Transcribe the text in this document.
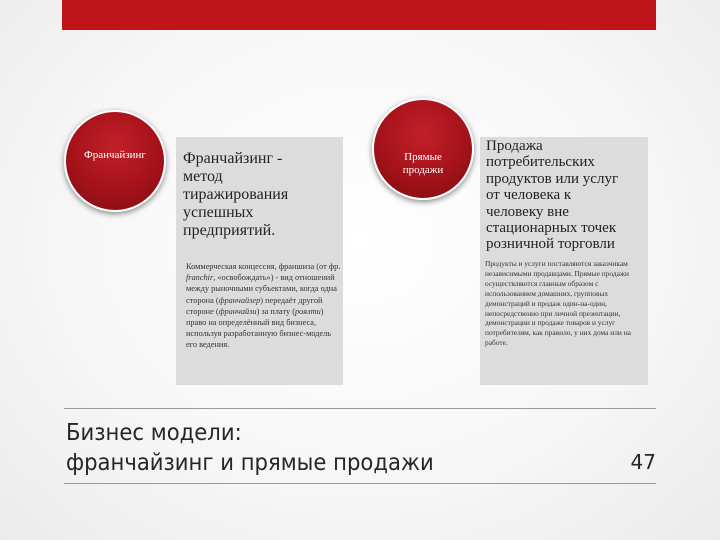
Франчайзинг	Прямые
продажи

Франчайзинг -
метод
тиражирования
успешных
предприятий.
Коммерческая концессия, франшиза (от фр. franchir, «освобождать») - вид отношений между рыночными субъектами, когда одна сторона (франчайзер) передаёт другой стороне (франчайзи) за плату (роялти) право на определённый вид бизнеса, используя разработанную бизнес-модель его ведения.
Продажа
потребительских
продуктов или услуг
от человека к
человеку вне
стационарных точек
розничной торговли
Продукты и услуги поставляются заказчикам независимыми продавцами. Прямые продажи осуществляются главным образом с использованием домашних, групповых демонстраций и продаж один-на-один, непосредственно при личной презентации, демонстрации и продаже товаров и услуг потребителям, как правило, у них дома или на работе.
Бизнес модели:
франчайзинг и прямые продажи	47
